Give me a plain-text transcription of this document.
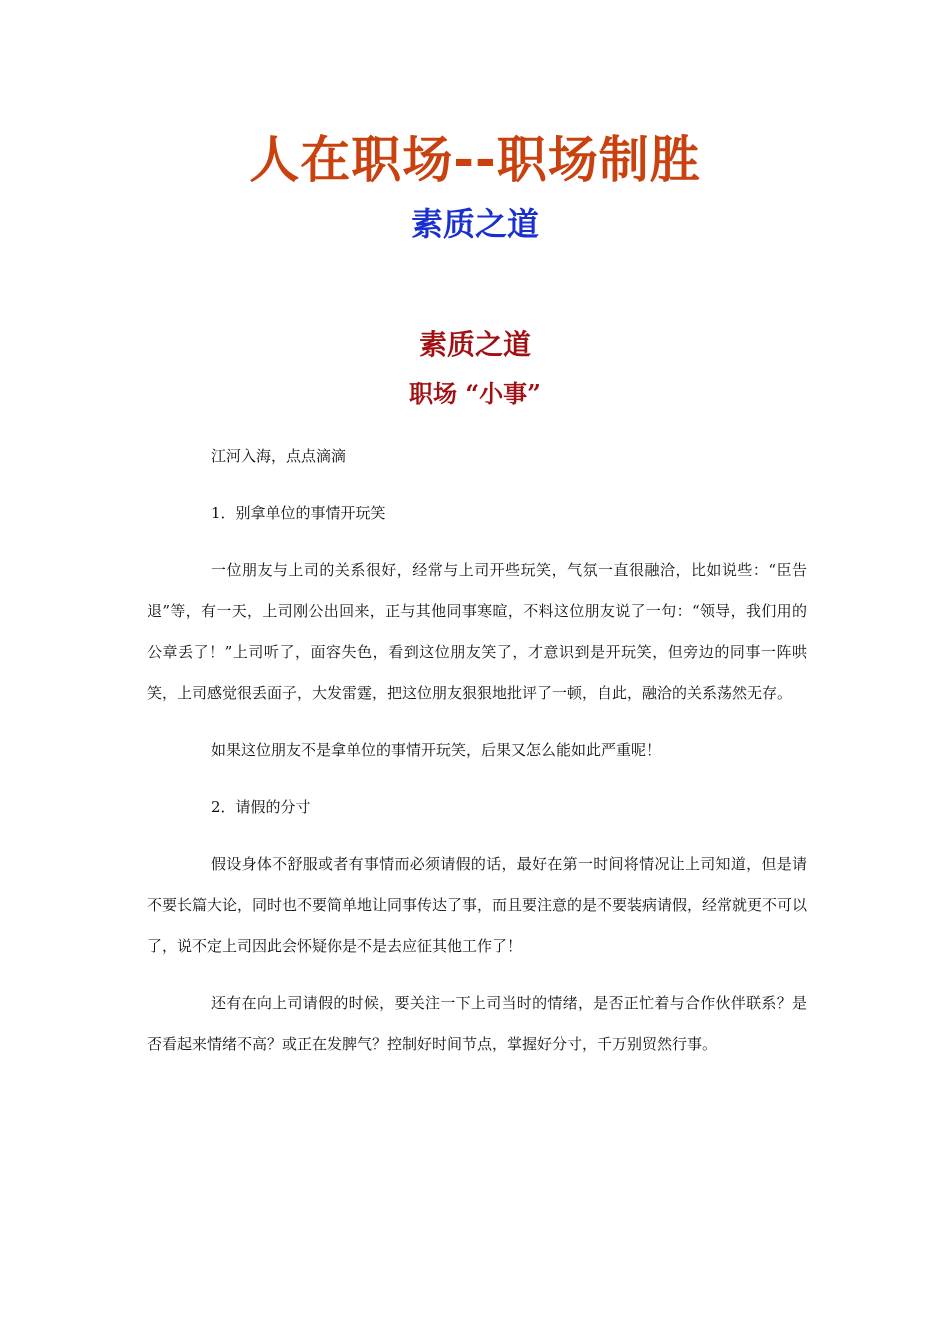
人在职场--职场制胜
素质之道
素质之道
职场 “小事”

江河入海，点点滴滴

1．别拿单位的事情开玩笑

一位朋友与上司的关系很好，经常与上司开些玩笑，气氛一直很融洽，比如说些：“臣告退”等，有一天，上司刚公出回来，正与其他同事寒暄，不料这位朋友说了一句：“领导，我们用的公章丢了！”上司听了，面容失色，看到这位朋友笑了，才意识到是开玩笑，但旁边的同事一阵哄笑，上司感觉很丢面子，大发雷霆，把这位朋友狠狠地批评了一顿，自此，融洽的关系荡然无存。

如果这位朋友不是拿单位的事情开玩笑，后果又怎么能如此严重呢！

2．请假的分寸

假设身体不舒服或者有事情而必须请假的话，最好在第一时间将情况让上司知道，但是请不要长篇大论，同时也不要简单地让同事传达了事，而且要注意的是不要装病请假，经常就更不可以了，说不定上司因此会怀疑你是不是去应征其他工作了！

还有在向上司请假的时候，要关注一下上司当时的情绪，是否正忙着与合作伙伴联系？是否看起来情绪不高？或正在发脾气？控制好时间节点，掌握好分寸，千万别贸然行事。
